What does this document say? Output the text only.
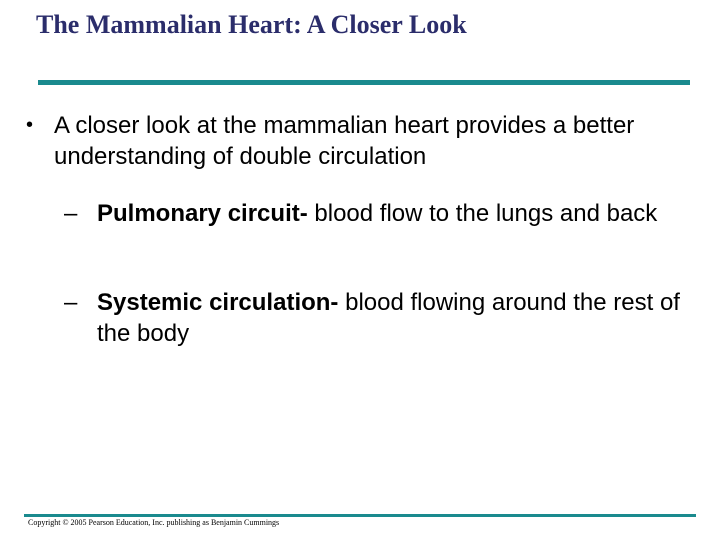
The Mammalian Heart: A Closer Look
• A closer look at the mammalian heart provides a better understanding of double circulation
– Pulmonary circuit- blood flow to the lungs and back
– Systemic circulation- blood flowing around the rest of the body
Copyright © 2005 Pearson Education, Inc. publishing as Benjamin Cummings
